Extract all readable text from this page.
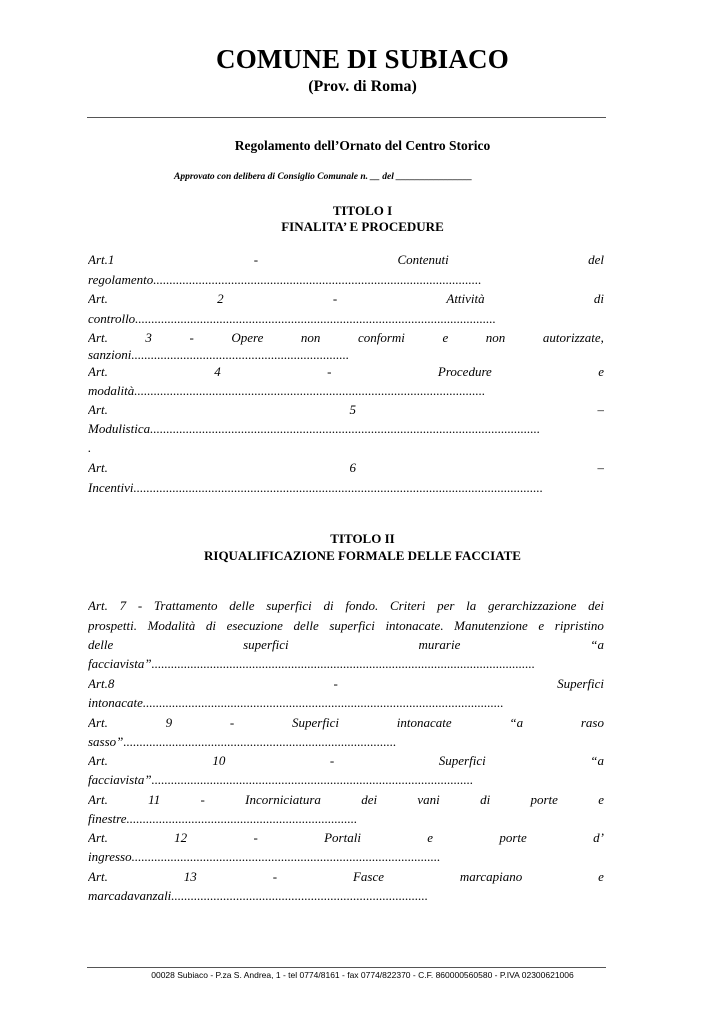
COMUNE DI SUBIACO
(Prov. di Roma)
Regolamento dell’Ornato del Centro Storico
Approvato con delibera di Consiglio Comunale n. __ del ________________
TITOLO I
FINALITA’ E PROCEDURE
Art.1	-	Contenuti	del
regolamento.....................................................................................................
Art.	2	-	Attività	di
controllo...............................................................................................................
Art.	3	-	Opere	non	conformi	e	non	autorizzate,
sanzioni...................................................................
Art.	4	-	Procedure	e
modalità............................................................................................................
Art.	5	–
Modulistica........................................................................................................................
.
Art.	6	–
Incentivi..............................................................................................................................
TITOLO II
RIQUALIFICAZIONE FORMALE DELLE FACCIATE
Art. 7 - Trattamento delle superfici di fondo. Criteri per la gerarchizzazione dei
prospetti. Modalità di esecuzione delle superfici intonacate. Manutenzione e ripristino
delle	superfici	murarie	“a
facciavista”......................................................................................................................
Art.8	-	Superfici
intonacate...............................................................................................................
Art.	9	-	Superfici	intonacate	“a	raso
sasso”....................................................................................
Art.	10	-	Superfici	“a
facciavista”...................................................................................................
Art.	11	-	Incorniciatura	dei	vani	di	porte	e
finestre.......................................................................
Art.	12	-	Portali	e	porte	d’
ingresso...............................................................................................
Art.	13	-	Fasce	marcapiano	e
marcadavanzali...............................................................................
00028 Subiaco - P.za S. Andrea, 1 - tel 0774/8161 - fax 0774/822370 - C.F. 860000560580 - P.IVA 02300621006
